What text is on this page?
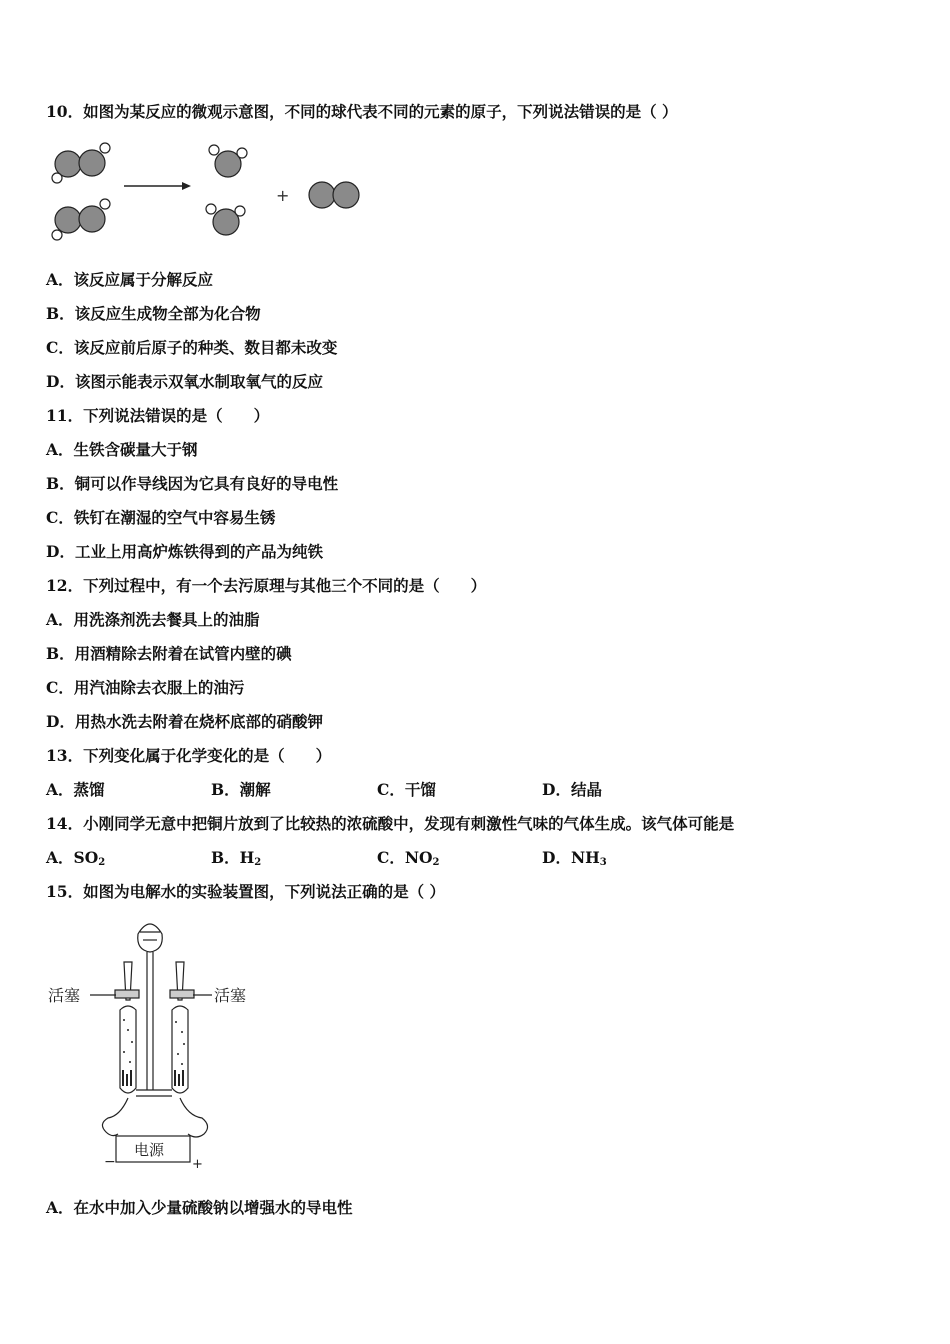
10．如图为某反应的微观示意图，不同的球代表不同的元素的原子，下列说法错误的是（ ）
+
A．该反应属于分解反应
B．该反应生成物全部为化合物
C．该反应前后原子的种类、数目都未改变
D．该图示能表示双氧水制取氧气的反应
11．下列说法错误的是（　　）
A．生铁含碳量大于钢
B．铜可以作导线因为它具有良好的导电性
C．铁钉在潮湿的空气中容易生锈
D．工业上用高炉炼铁得到的产品为纯铁
12．下列过程中，有一个去污原理与其他三个不同的是（　　）
A．用洗涤剂洗去餐具上的油脂
B．用酒精除去附着在试管内壁的碘
C．用汽油除去衣服上的油污
D．用热水洗去附着在烧杯底部的硝酸钾
13．下列变化属于化学变化的是（　　）
A．蒸馏	B．潮解	C．干馏	D．结晶
14．小刚同学无意中把铜片放到了比较热的浓硫酸中，发现有刺激性气味的气体生成。该气体可能是
A．$SO_2$	B．$H_2$	C．$NO_2$	D．$NH_3$
15．如图为电解水的实验装置图，下列说法正确的是（ ）
活塞	活塞
电源
−	+
A．在水中加入少量硫酸钠以增强水的导电性
